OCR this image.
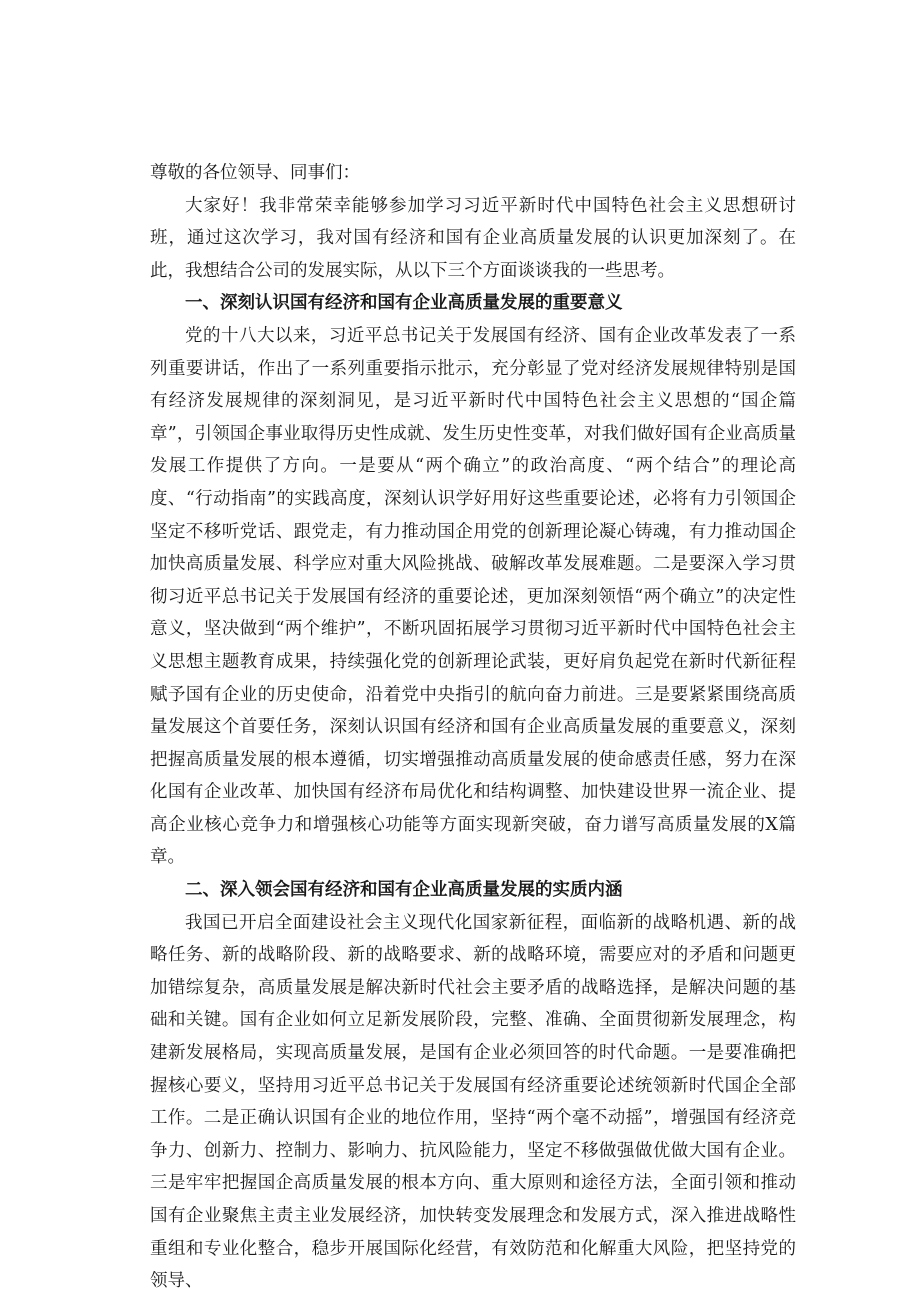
尊敬的各位领导、同事们：

大家好！我非常荣幸能够参加学习习近平新时代中国特色社会主义思想研讨班，通过这次学习，我对国有经济和国有企业高质量发展的认识更加深刻了。在此，我想结合公司的发展实际，从以下三个方面谈谈我的一些思考。

一、深刻认识国有经济和国有企业高质量发展的重要意义

党的十八大以来，习近平总书记关于发展国有经济、国有企业改革发表了一系列重要讲话，作出了一系列重要指示批示，充分彰显了党对经济发展规律特别是国有经济发展规律的深刻洞见，是习近平新时代中国特色社会主义思想的“国企篇章”，引领国企事业取得历史性成就、发生历史性变革，对我们做好国有企业高质量发展工作提供了方向。一是要从“两个确立”的政治高度、“两个结合”的理论高度、“行动指南”的实践高度，深刻认识学好用好这些重要论述，必将有力引领国企坚定不移听党话、跟党走，有力推动国企用党的创新理论凝心铸魂，有力推动国企加快高质量发展、科学应对重大风险挑战、破解改革发展难题。二是要深入学习贯彻习近平总书记关于发展国有经济的重要论述，更加深刻领悟“两个确立”的决定性意义，坚决做到“两个维护”，不断巩固拓展学习贯彻习近平新时代中国特色社会主义思想主题教育成果，持续强化党的创新理论武装，更好肩负起党在新时代新征程赋予国有企业的历史使命，沿着党中央指引的航向奋力前进。三是要紧紧围绕高质量发展这个首要任务，深刻认识国有经济和国有企业高质量发展的重要意义，深刻把握高质量发展的根本遵循，切实增强推动高质量发展的使命感责任感，努力在深化国有企业改革、加快国有经济布局优化和结构调整、加快建设世界一流企业、提高企业核心竞争力和增强核心功能等方面实现新突破，奋力谱写高质量发展的X篇章。

二、深入领会国有经济和国有企业高质量发展的实质内涵

我国已开启全面建设社会主义现代化国家新征程，面临新的战略机遇、新的战略任务、新的战略阶段、新的战略要求、新的战略环境，需要应对的矛盾和问题更加错综复杂，高质量发展是解决新时代社会主要矛盾的战略选择，是解决问题的基础和关键。国有企业如何立足新发展阶段，完整、准确、全面贯彻新发展理念，构建新发展格局，实现高质量发展，是国有企业必须回答的时代命题。一是要准确把握核心要义，坚持用习近平总书记关于发展国有经济重要论述统领新时代国企全部工作。二是正确认识国有企业的地位作用，坚持“两个毫不动摇”，增强国有经济竞争力、创新力、控制力、影响力、抗风险能力，坚定不移做强做优做大国有企业。三是牢牢把握国企高质量发展的根本方向、重大原则和途径方法，全面引领和推动国有企业聚焦主责主业发展经济，加快转变发展理念和发展方式，深入推进战略性重组和专业化整合，稳步开展国际化经营，有效防范和化解重大风险，把坚持党的领导、
